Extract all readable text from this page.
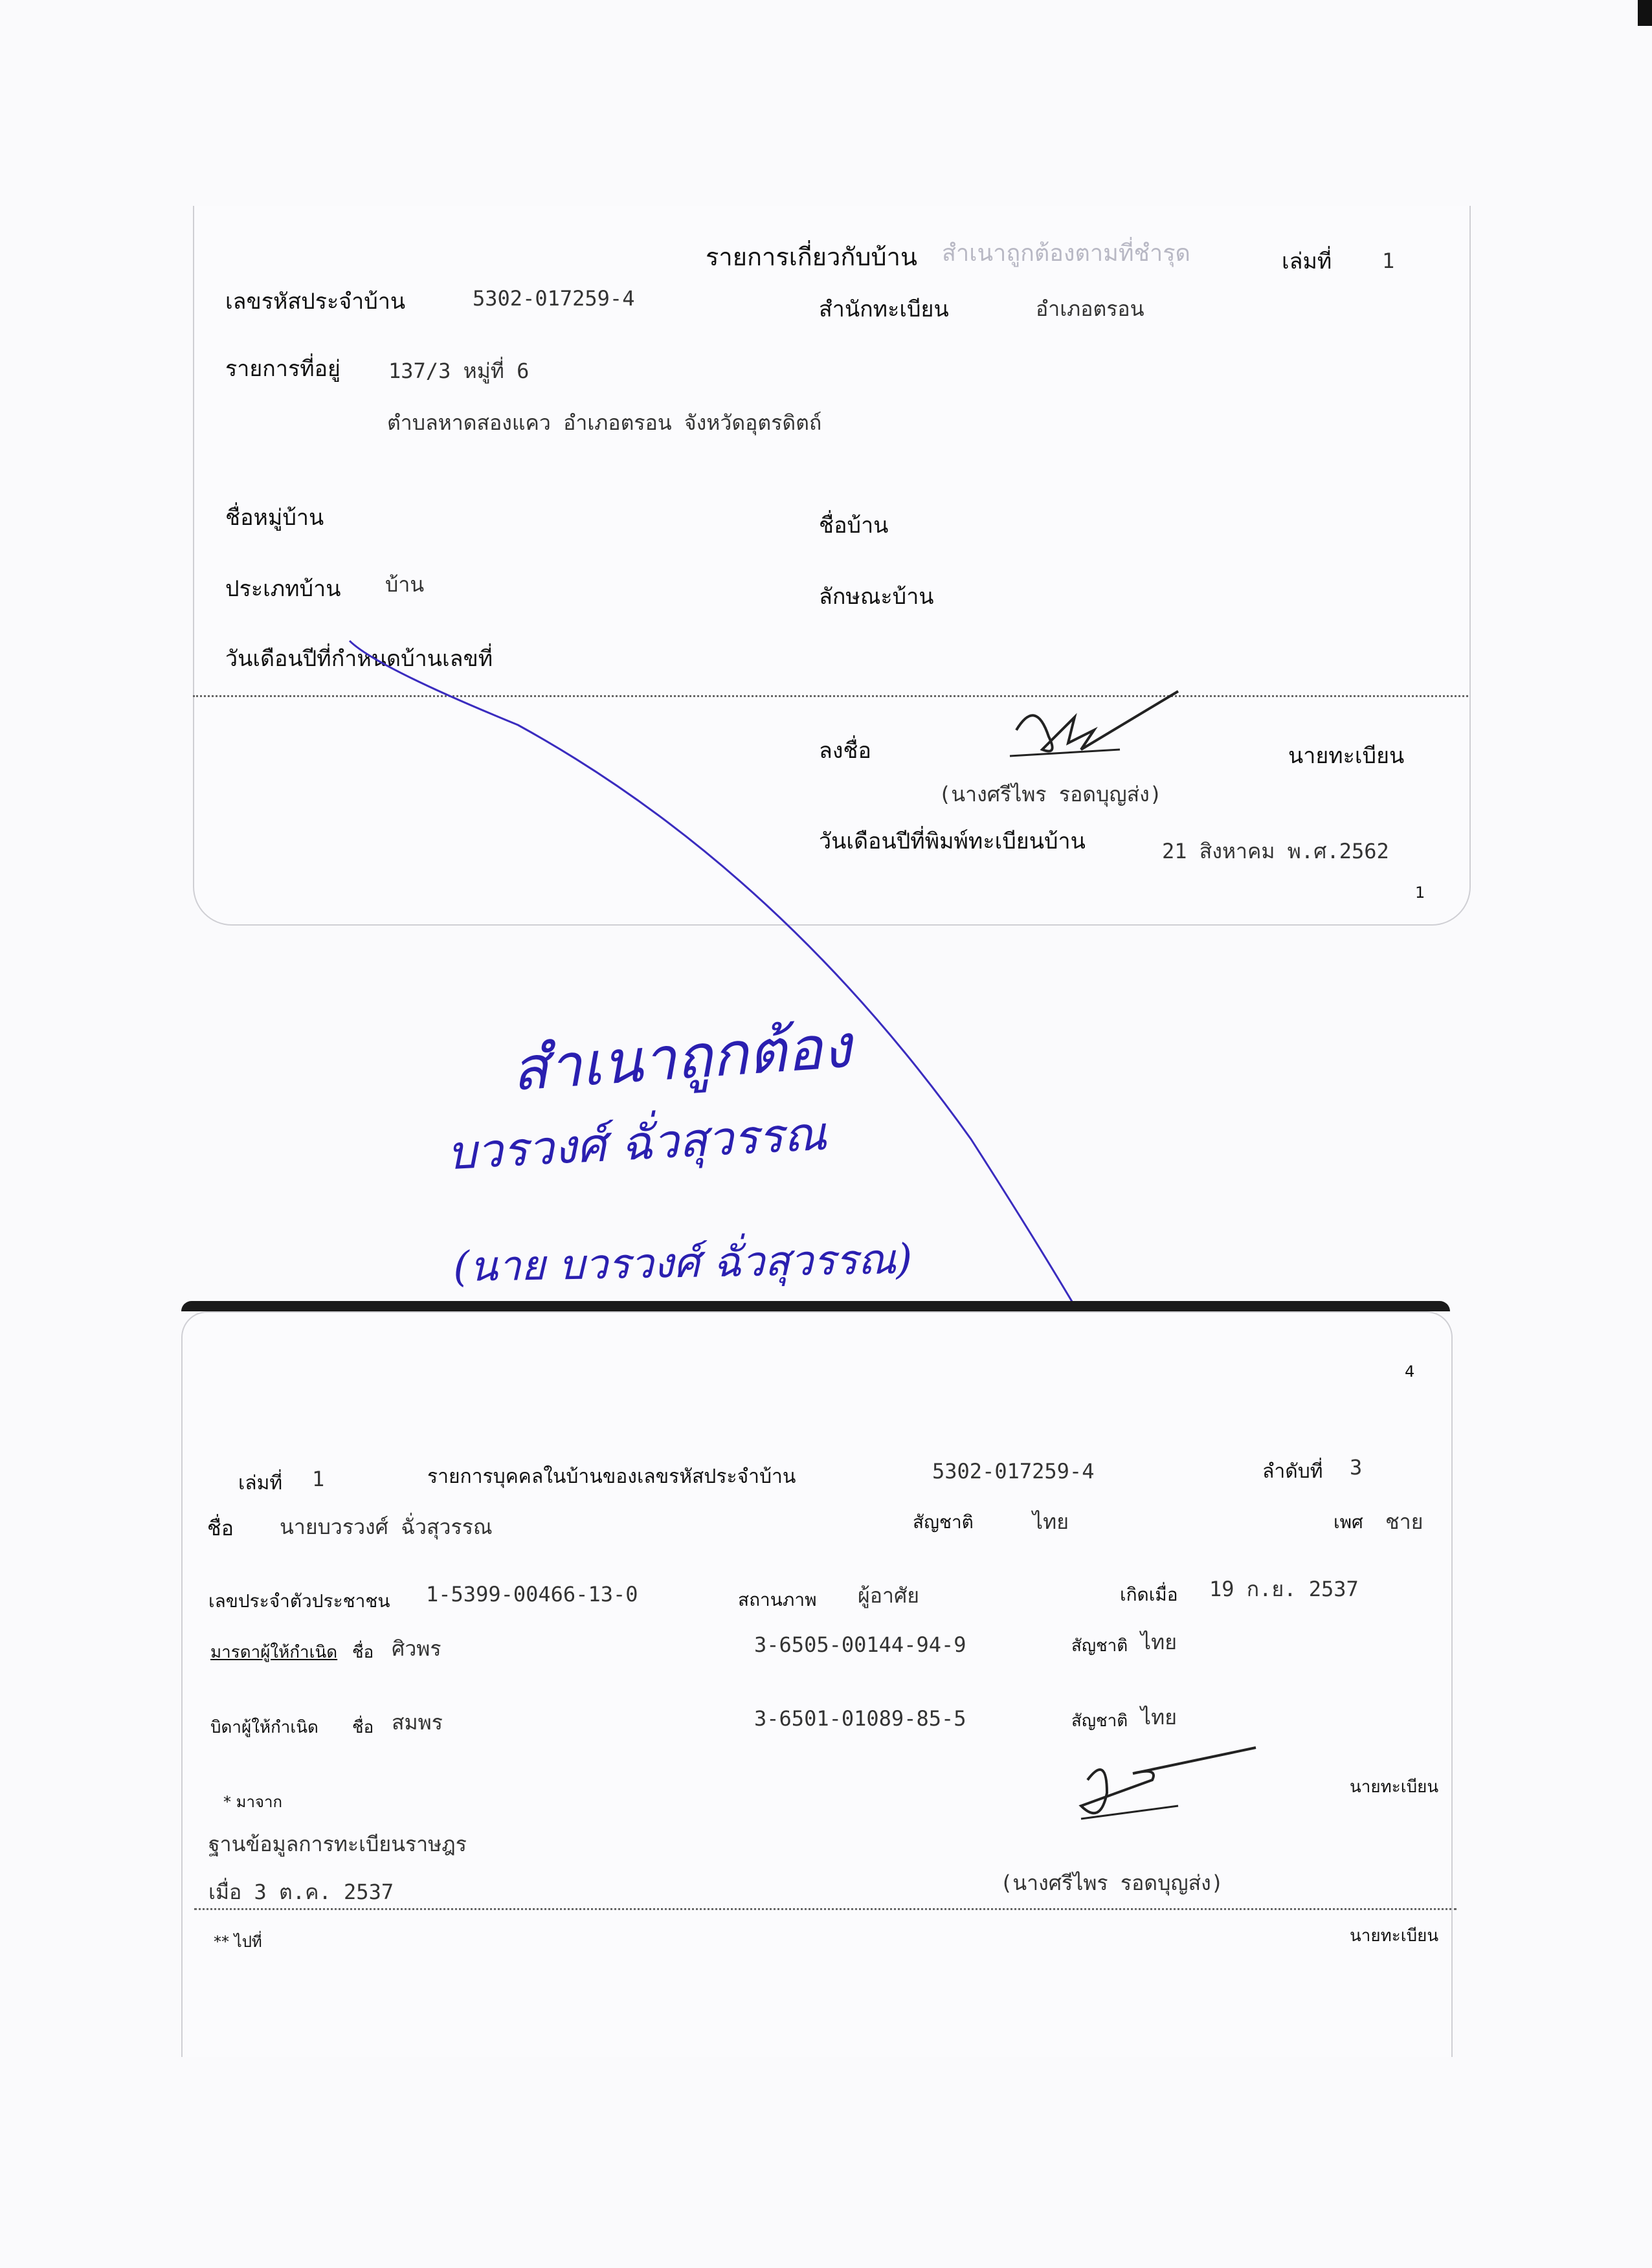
รายการเกี่ยวกับบ้าน สำเนาถูกต้องตามที่ชำรุด	เล่มที่ 1
เลขรหัสประจำบ้าน	5302-017259-4	สำนักทะเบียน	อำเภอตรอน
รายการที่อยู่ 137/3 หมู่ที่ 6
ตำบลหาดสองแคว อำเภอตรอน จังหวัดอุตรดิตถ์
ชื่อหมู่บ้าน	ชื่อบ้าน
ประเภทบ้าน บ้าน	ลักษณะบ้าน
วันเดือนปีที่กำหนดบ้านเลขที่
ลงชื่อ	นายทะเบียน
(นางศรีไพร รอดบุญส่ง)
วันเดือนปีที่พิมพ์ทะเบียนบ้าน	21 สิงหาคม พ.ศ.2562
1
สำเนาถูกต้อง
บวรวงศ์ ฉั่วสุวรรณ
(นาย บวรวงศ์ ฉั่วสุวรรณ)
4
เล่มที่ 1	รายการบุคคลในบ้านของเลขรหัสประจำบ้าน	5302-017259-4	ลำดับที่ 3
ชื่อ นายบวรวงศ์ ฉั่วสุวรรณ	สัญชาติ	ไทย	เพศ ชาย
เลขประจำตัวประชาชน 1-5399-00466-13-0	สถานภาพ ผู้อาศัย	เกิดเมื่อ 19 ก.ย. 2537
มารดาผู้ให้กำเนิด ชื่อ ศิวพร	3-6505-00144-94-9	สัญชาติ ไทย
บิดาผู้ให้กำเนิด ชื่อ สมพร	3-6501-01089-85-5	สัญชาติ ไทย
* มาจาก
ฐานข้อมูลการทะเบียนราษฎร
เมื่อ 3 ต.ค. 2537
นายทะเบียน
(นางศรีไพร รอดบุญส่ง)
** ไปที่	นายทะเบียน
